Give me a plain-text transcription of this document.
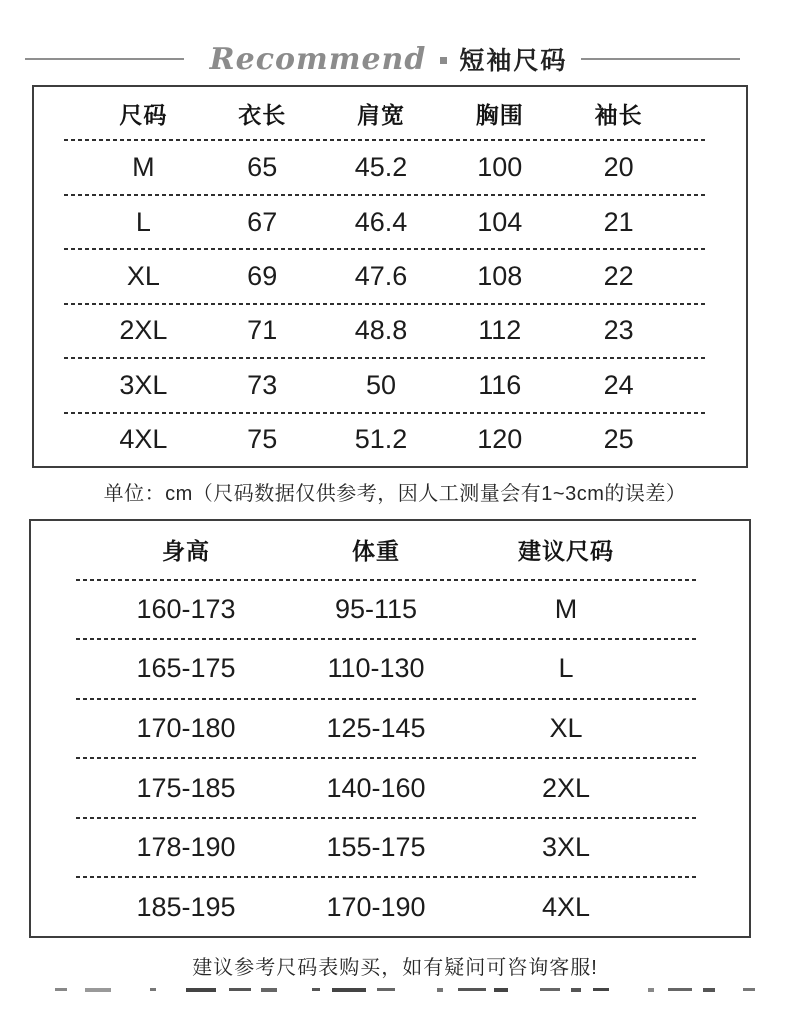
Recommend 短袖尺码
尺码	衣长	肩宽	胸围	袖长
M	65	45.2	100	20
L	67	46.4	104	21
XL	69	47.6	108	22
2XL	71	48.8	112	23
3XL	73	50	116	24
4XL	75	51.2	120	25
单位：cm（尺码数据仅供参考，因人工测量会有1~3cm的误差）
身高	体重	建议尺码
160-173	95-115	M
165-175	110-130	L
170-180	125-145	XL
175-185	140-160	2XL
178-190	155-175	3XL
185-195	170-190	4XL
建议参考尺码表购买，如有疑问可咨询客服!
